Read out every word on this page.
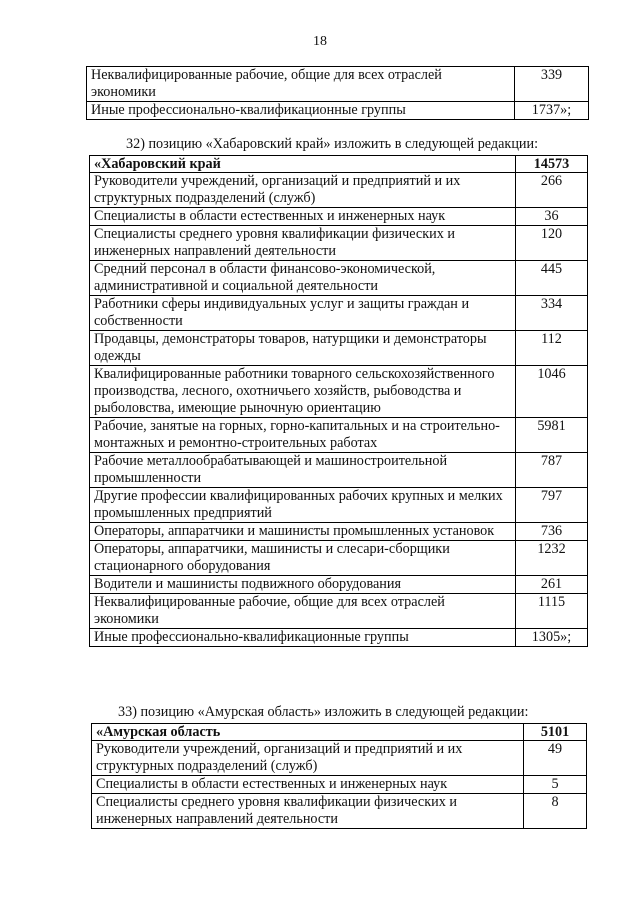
18
Неквалифицированные рабочие, общие для всех отраслей экономики	339
Иные профессионально-квалификационные группы	1737»;
32) позицию «Хабаровский край» изложить в следующей редакции:
«Хабаровский край	14573
Руководители учреждений, организаций и предприятий и их структурных подразделений (служб)	266
Специалисты в области естественных и инженерных наук	36
Специалисты среднего уровня квалификации физических и инженерных направлений деятельности	120
Средний персонал в области финансово-экономической, административной и социальной деятельности	445
Работники сферы индивидуальных услуг и защиты граждан и собственности	334
Продавцы, демонстраторы товаров, натурщики и демонстраторы одежды	112
Квалифицированные работники товарного сельскохозяйственного производства, лесного, охотничьего хозяйств, рыбоводства и рыболовства, имеющие рыночную ориентацию	1046
Рабочие, занятые на горных, горно-капитальных и на строительно-монтажных и ремонтно-строительных работах	5981
Рабочие металлообрабатывающей и машиностроительной промышленности	787
Другие профессии квалифицированных рабочих крупных и мелких промышленных предприятий	797
Операторы, аппаратчики и машинисты промышленных установок	736
Операторы, аппаратчики, машинисты и слесари-сборщики стационарного оборудования	1232
Водители и машинисты подвижного оборудования	261
Неквалифицированные рабочие, общие для всех отраслей экономики	1115
Иные профессионально-квалификационные группы	1305»;
33) позицию «Амурская область» изложить в следующей редакции:
«Амурская область	5101
Руководители учреждений, организаций и предприятий и их структурных подразделений (служб)	49
Специалисты в области естественных и инженерных наук	5
Специалисты среднего уровня квалификации физических и инженерных направлений деятельности	8
